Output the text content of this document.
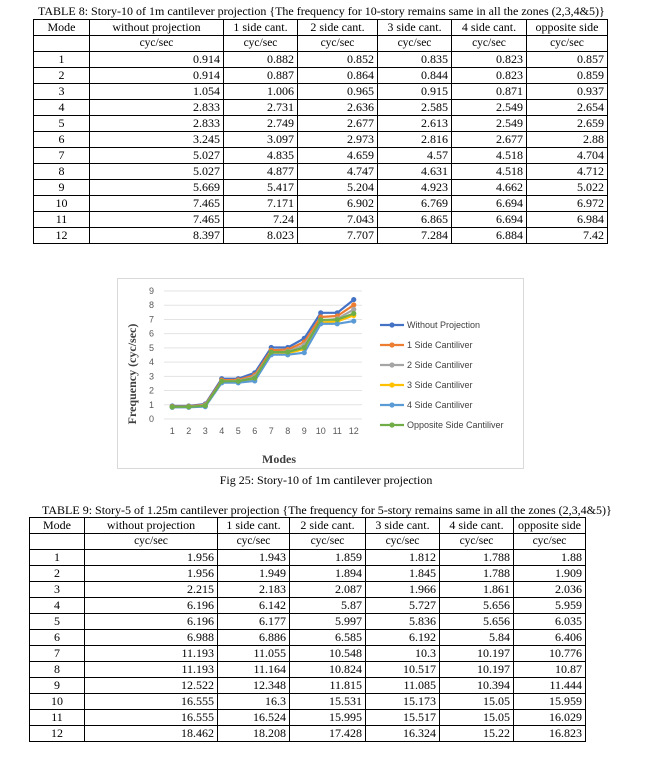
TABLE 8: Story-10 of 1m cantilever projection {The frequency for 10-story remains same in all the zones (2,3,4&5)}
Mode	without projection	1 side cant.	2 side cant.	3 side cant.	4 side cant.	opposite side
	cyc/sec	cyc/sec	cyc/sec	cyc/sec	cyc/sec	cyc/sec
1	0.914	0.882	0.852	0.835	0.823	0.857
2	0.914	0.887	0.864	0.844	0.823	0.859
3	1.054	1.006	0.965	0.915	0.871	0.937
4	2.833	2.731	2.636	2.585	2.549	2.654
5	2.833	2.749	2.677	2.613	2.549	2.659
6	3.245	3.097	2.973	2.816	2.677	2.88
7	5.027	4.835	4.659	4.57	4.518	4.704
8	5.027	4.877	4.747	4.631	4.518	4.712
9	5.669	5.417	5.204	4.923	4.662	5.022
10	7.465	7.171	6.902	6.769	6.694	6.972
11	7.465	7.24	7.043	6.865	6.694	6.984
12	8.397	8.023	7.707	7.284	6.884	7.42
0
1
2
3
4
5
6
7
8
9
1 2 3 4 5 6 7 8 9 10 11 12
Without Projection
1 Side Cantiliver
2 Side Cantiliver
3 Side Cantiliver
4 Side Cantiliver
Opposite Side Cantiliver
Frequency (cyc/sec)
Modes
Fig 25: Story-10 of 1m cantilever projection
TABLE 9: Story-5 of 1.25m cantilever projection {The frequency for 5-story remains same in all the zones (2,3,4&5)}
Mode	without projection	1 side cant.	2 side cant.	3 side cant.	4 side cant.	opposite side
	cyc/sec	cyc/sec	cyc/sec	cyc/sec	cyc/sec	cyc/sec
1	1.956	1.943	1.859	1.812	1.788	1.88
2	1.956	1.949	1.894	1.845	1.788	1.909
3	2.215	2.183	2.087	1.966	1.861	2.036
4	6.196	6.142	5.87	5.727	5.656	5.959
5	6.196	6.177	5.997	5.836	5.656	6.035
6	6.988	6.886	6.585	6.192	5.84	6.406
7	11.193	11.055	10.548	10.3	10.197	10.776
8	11.193	11.164	10.824	10.517	10.197	10.87
9	12.522	12.348	11.815	11.085	10.394	11.444
10	16.555	16.3	15.531	15.173	15.05	15.959
11	16.555	16.524	15.995	15.517	15.05	16.029
12	18.462	18.208	17.428	16.324	15.22	16.823
